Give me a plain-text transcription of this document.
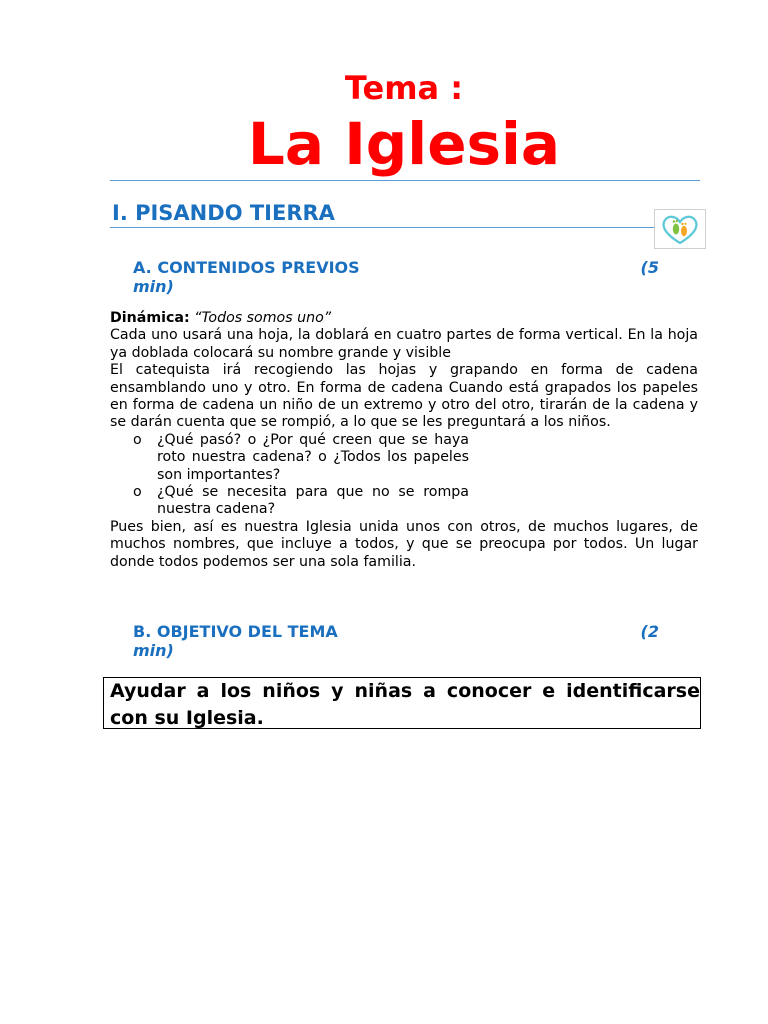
Tema :
La Iglesia
I. PISANDO TIERRA
A. CONTENIDOS PREVIOS	(5
min)

Dinámica: “Todos somos uno”

Cada uno usará una hoja, la doblará en cuatro partes de forma vertical. En la hoja ya doblada colocará su nombre grande y visible

El catequista irá recogiendo las hojas y grapando en forma de cadena ensamblando uno y otro. En forma de cadena Cuando está grapados los papeles en forma de cadena un niño de un extremo y otro del otro, tirarán de la cadena y se darán cuenta que se rompió, a lo que se les preguntará a los niños.

o ¿Qué pasó? o ¿Por qué creen que se haya roto nuestra cadena? o ¿Todos los papeles son importantes?
o ¿Qué se necesita para que no se rompa nuestra cadena?

Pues bien, así es nuestra Iglesia unida unos con otros, de muchos lugares, de muchos nombres, que incluye a todos, y que se preocupa por todos. Un lugar donde todos podemos ser una sola familia.

B. OBJETIVO DEL TEMA	(2
min)

Ayudar a los niños y niñas a conocer e identificarse con su Iglesia.
